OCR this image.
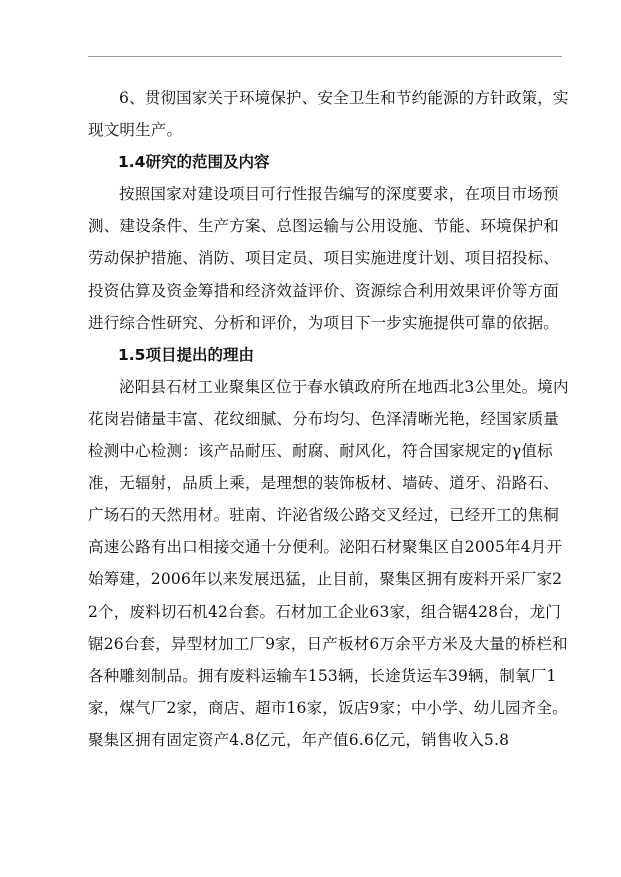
6、贯彻国家关于环境保护、安全卫生和节约能源的方针政策，实现文明生产。

1.4研究的范围及内容

按照国家对建设项目可行性报告编写的深度要求，在项目市场预测、建设条件、生产方案、总图运输与公用设施、节能、环境保护和劳动保护措施、消防、项目定员、项目实施进度计划、项目招投标、投资估算及资金筹措和经济效益评价、资源综合利用效果评价等方面进行综合性研究、分析和评价，为项目下一步实施提供可靠的依据。

1.5项目提出的理由

泌阳县石材工业聚集区位于春水镇政府所在地西北3公里处。境内花岗岩储量丰富、花纹细腻、分布均匀、色泽清晰光艳，经国家质量检测中心检测：该产品耐压、耐腐、耐风化，符合国家规定的γ值标准，无辐射，品质上乘，是理想的装饰板材、墙砖、道牙、沿路石、广场石的天然用材。驻南、许泌省级公路交叉经过，已经开工的焦桐高速公路有出口相接交通十分便利。泌阳石材聚集区自2005年4月开始筹建，2006年以来发展迅猛，止目前，聚集区拥有废料开采厂家22个，废料切石机42台套。石材加工企业63家，组合锯428台，龙门锯26台套，异型材加工厂9家，日产板材6万余平方米及大量的桥栏和各种雕刻制品。拥有废料运输车153辆，长途货运车39辆，制氧厂1家，煤气厂2家，商店、超市16家，饭店9家；中小学、幼儿园齐全。聚集区拥有固定资产4.8亿元，年产值6.6亿元，销售收入5.8
